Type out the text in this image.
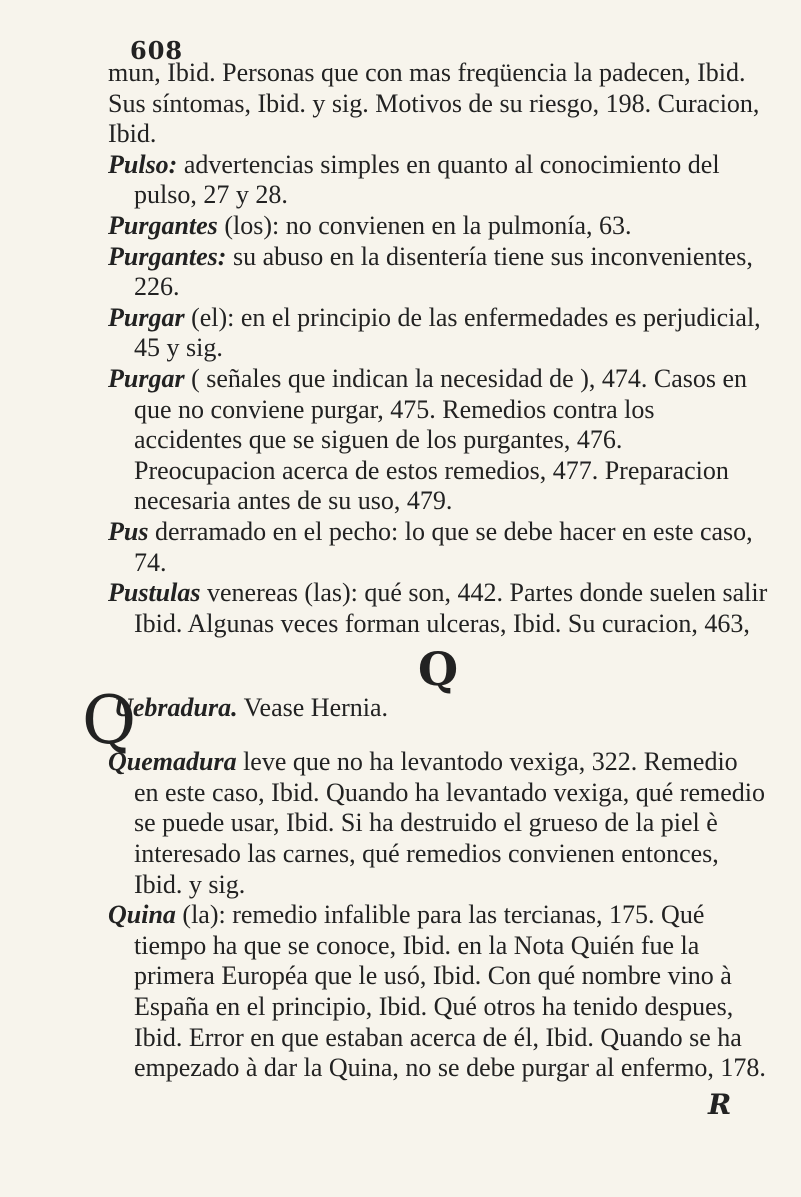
608

mun, Ibid. Personas que con mas freqüencia la padecen, Ibid. Sus síntomas, Ibid. y sig. Motivos de su riesgo, 198. Curacion, Ibid.

Pulso: advertencias simples en quanto al conocimiento del pulso, 27 y 28.

Purgantes (los): no convienen en la pulmonía, 63.

Purgantes: su abuso en la disentería tiene sus inconvenientes, 226.

Purgar (el): en el principio de las enfermedades es perjudicial, 45 y sig.

Purgar ( señales que indican la necesidad de ), 474. Casos en que no conviene purgar, 475. Remedios contra los accidentes que se siguen de los purgantes, 476. Preocupacion acerca de estos remedios, 477. Preparacion necesaria antes de su uso, 479.

Pus derramado en el pecho: lo que se debe hacer en este caso, 74.

Pustulas venereas (las): qué son, 442. Partes donde suelen salir Ibid. Algunas veces forman ulceras, Ibid. Su curacion, 463,

Q

Q
Uebradura. Vease Hernia.

Quemadura leve que no ha levantodo vexiga, 322. Remedio en este caso, Ibid. Quando ha levantado vexiga, qué remedio se puede usar, Ibid. Si ha destruido el grueso de la piel è interesado las carnes, qué remedios convienen entonces, Ibid. y sig.

Quina (la): remedio infalible para las tercianas, 175. Qué tiempo ha que se conoce, Ibid. en la Nota Quién fue la primera Européa que le usó, Ibid. Con qué nombre vino à España en el principio, Ibid. Qué otros ha tenido despues, Ibid. Error en que estaban acerca de él, Ibid. Quando se ha empezado à dar la Quina, no se debe purgar al enfermo, 178.

R
